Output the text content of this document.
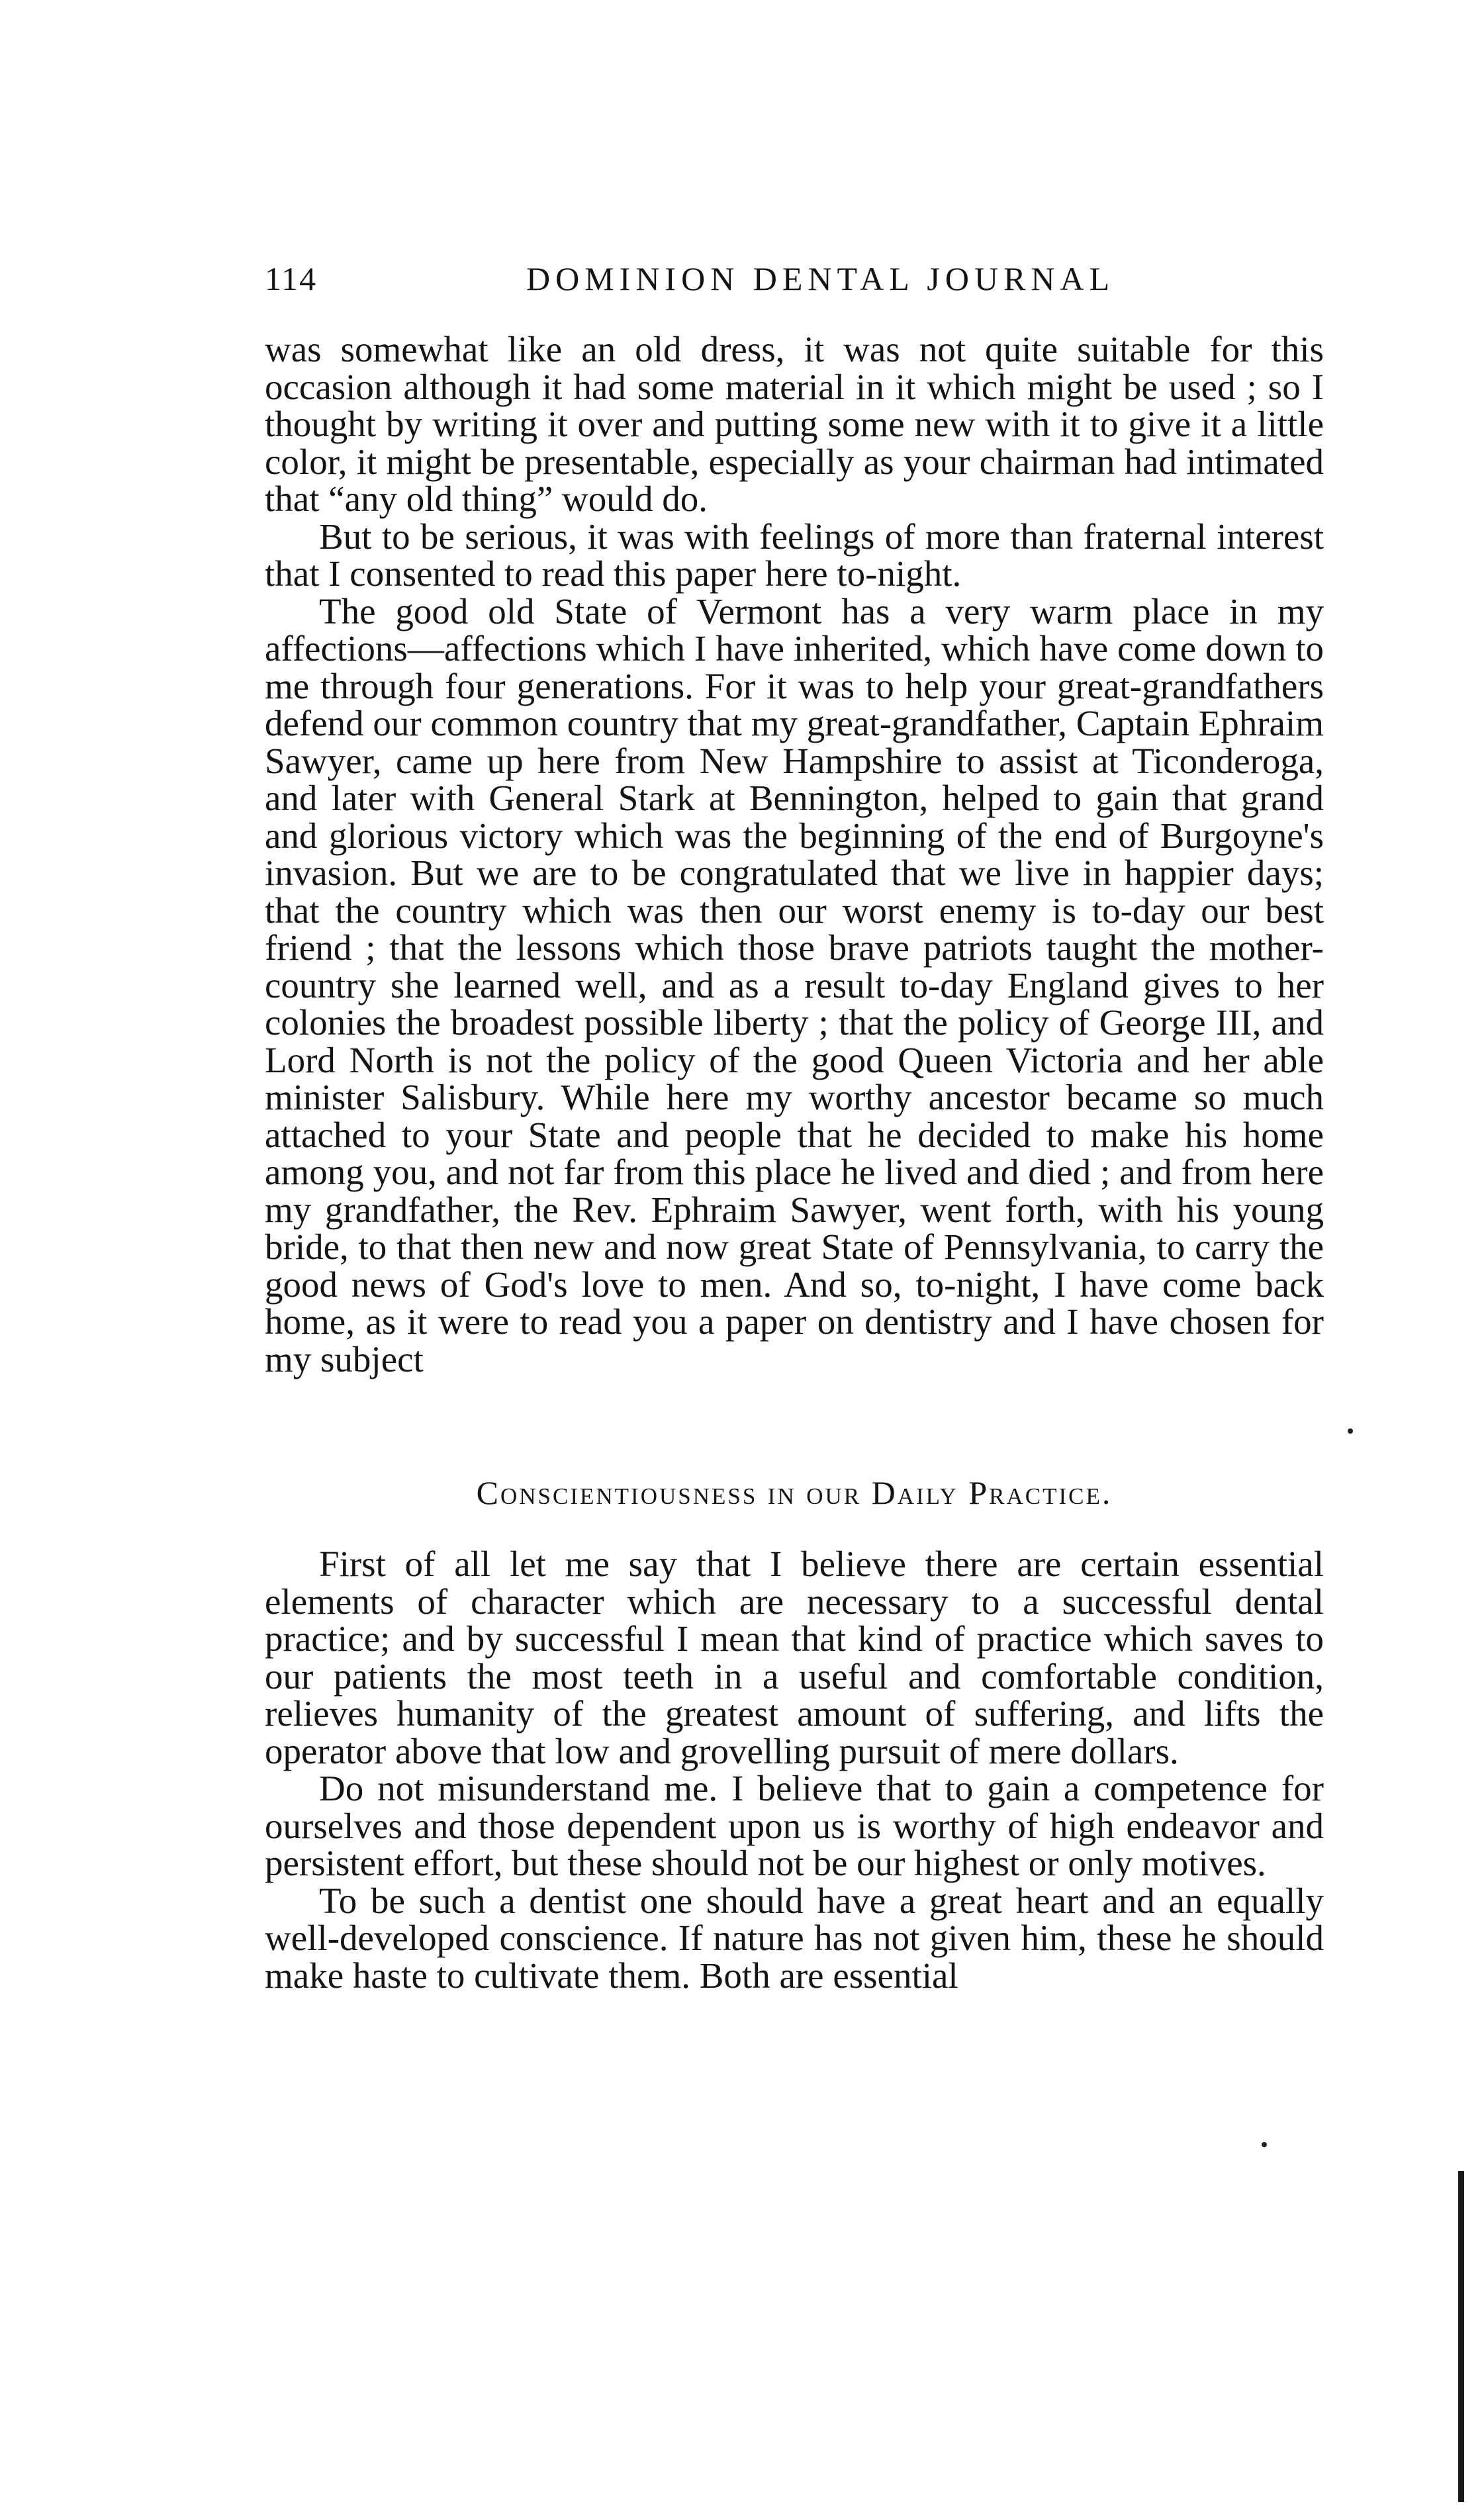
114	DOMINION DENTAL JOURNAL

was somewhat like an old dress, it was not quite suitable for this occasion although it had some material in it which might be used ; so I thought by writing it over and putting some new with it to give it a little color, it might be presentable, especially as your chairman had intimated that “any old thing” would do.

But to be serious, it was with feelings of more than fraternal interest that I consented to read this paper here to-night.

The good old State of Vermont has a very warm place in my affections—affections which I have inherited, which have come down to me through four generations. For it was to help your great-grandfathers defend our common country that my great-grandfather, Captain Ephraim Sawyer, came up here from New Hampshire to assist at Ticonderoga, and later with General Stark at Bennington, helped to gain that grand and glorious victory which was the beginning of the end of Burgoyne's invasion. But we are to be congratulated that we live in happier days; that the country which was then our worst enemy is to-day our best friend ; that the lessons which those brave patriots taught the mother-country she learned well, and as a result to-day England gives to her colonies the broadest possible liberty ; that the policy of George III, and Lord North is not the policy of the good Queen Victoria and her able minister Salisbury. While here my worthy ancestor became so much attached to your State and people that he decided to make his home among you, and not far from this place he lived and died ; and from here my grandfather, the Rev. Ephraim Sawyer, went forth, with his young bride, to that then new and now great State of Pennsylvania, to carry the good news of God's love to men. And so, to-night, I have come back home, as it were to read you a paper on dentistry and I have chosen for my subject

Conscientiousness in our Daily Practice.

First of all let me say that I believe there are certain essential elements of character which are necessary to a successful dental practice; and by successful I mean that kind of practice which saves to our patients the most teeth in a useful and comfortable condition, relieves humanity of the greatest amount of suffering, and lifts the operator above that low and grovelling pursuit of mere dollars.

Do not misunderstand me. I believe that to gain a competence for ourselves and those dependent upon us is worthy of high endeavor and persistent effort, but these should not be our highest or only motives.

To be such a dentist one should have a great heart and an equally well-developed conscience. If nature has not given him, these he should make haste to cultivate them. Both are essential
